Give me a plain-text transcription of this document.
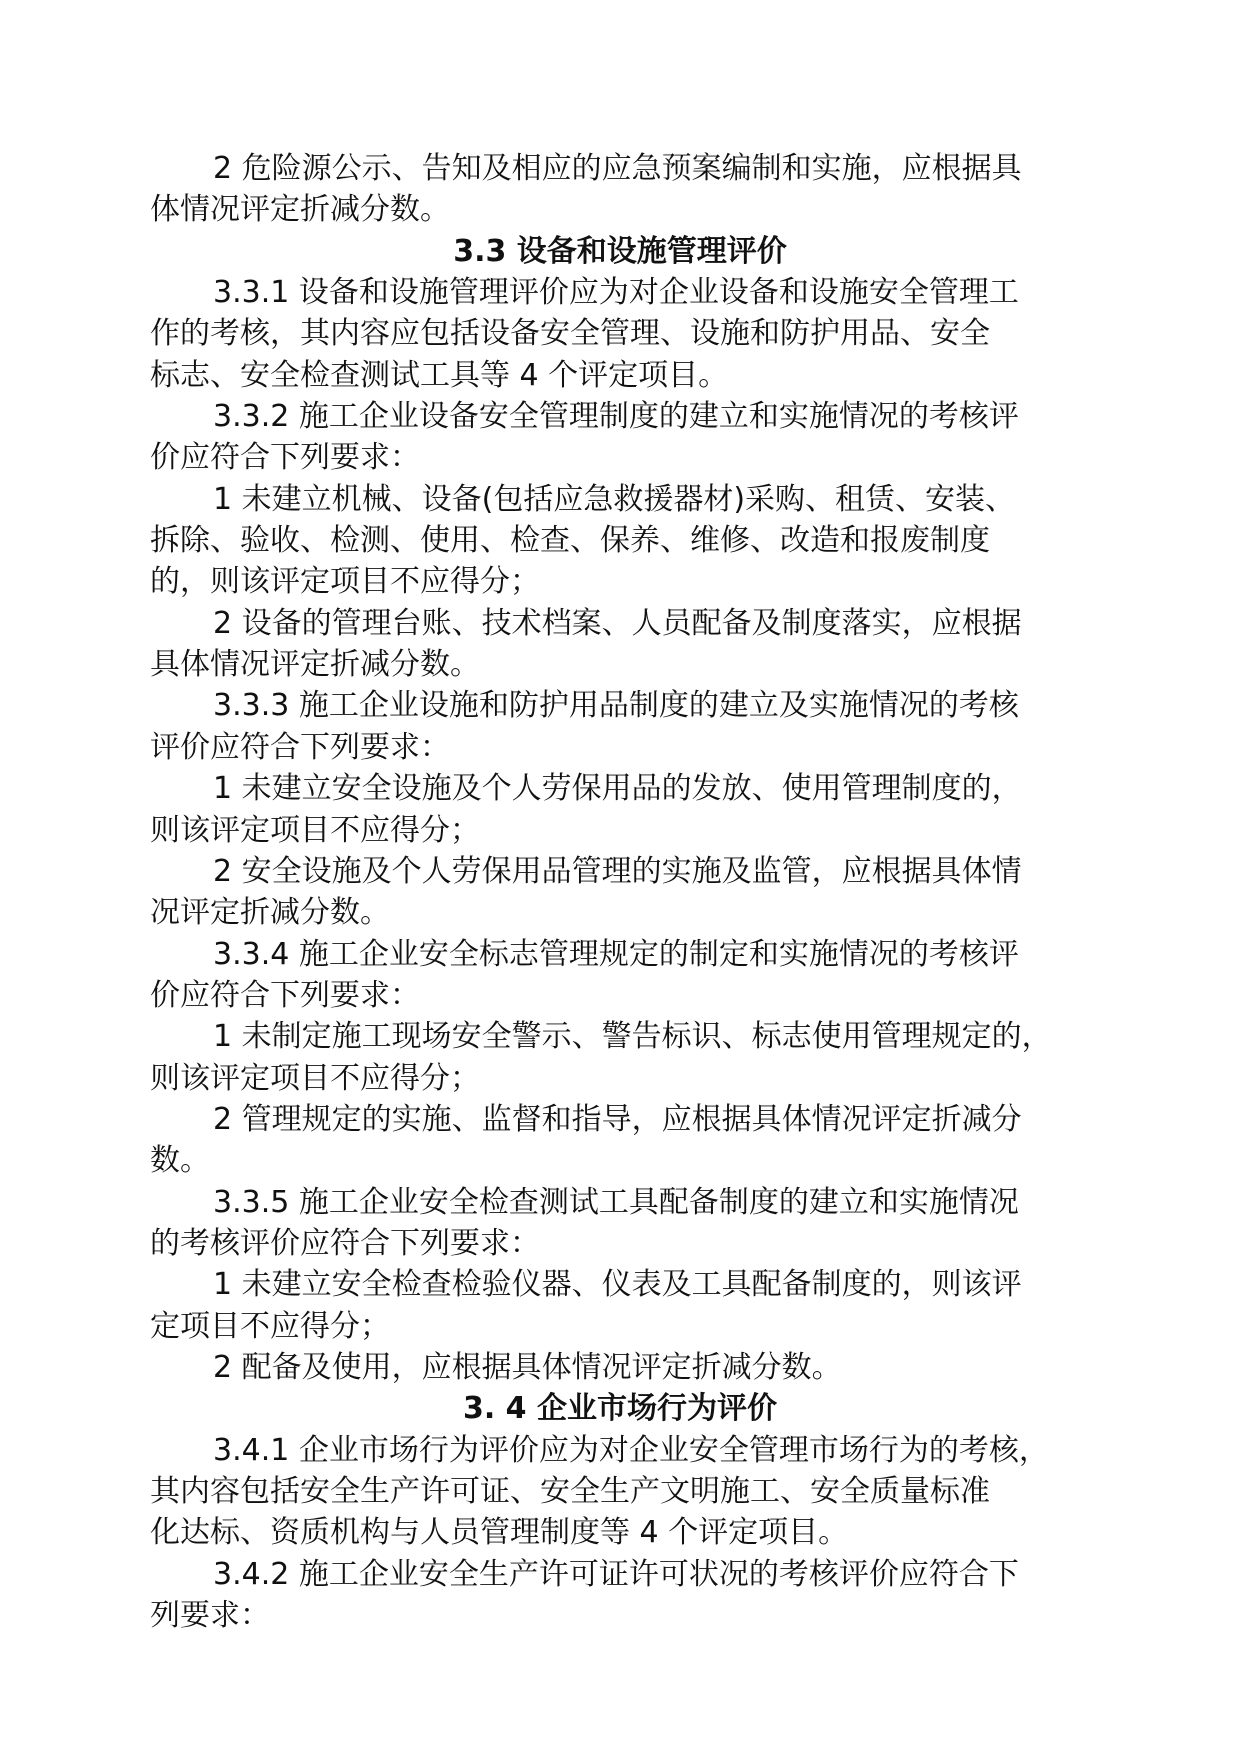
2 危险源公示、告知及相应的应急预案编制和实施，应根据具
体情况评定折减分数。
3.3 设备和设施管理评价
3.3.1 设备和设施管理评价应为对企业设备和设施安全管理工
作的考核，其内容应包括设备安全管理、设施和防护用品、安全
标志、安全检查测试工具等 4 个评定项目。
3.3.2 施工企业设备安全管理制度的建立和实施情况的考核评
价应符合下列要求：
1 未建立机械、设备(包括应急救援器材)采购、租赁、安装、
拆除、验收、检测、使用、检查、保养、维修、改造和报废制度
的，则该评定项目不应得分；
2 设备的管理台账、技术档案、人员配备及制度落实，应根据
具体情况评定折减分数。
3.3.3 施工企业设施和防护用品制度的建立及实施情况的考核
评价应符合下列要求：
1 未建立安全设施及个人劳保用品的发放、使用管理制度的，
则该评定项目不应得分；
2 安全设施及个人劳保用品管理的实施及监管，应根据具体情
况评定折减分数。
3.3.4 施工企业安全标志管理规定的制定和实施情况的考核评
价应符合下列要求：
1 未制定施工现场安全警示、警告标识、标志使用管理规定的，
则该评定项目不应得分；
2 管理规定的实施、监督和指导，应根据具体情况评定折减分
数。
3.3.5 施工企业安全检查测试工具配备制度的建立和实施情况
的考核评价应符合下列要求：
1 未建立安全检查检验仪器、仪表及工具配备制度的，则该评
定项目不应得分；
2 配备及使用，应根据具体情况评定折减分数。
3. 4 企业市场行为评价
3.4.1 企业市场行为评价应为对企业安全管理市场行为的考核，
其内容包括安全生产许可证、安全生产文明施工、安全质量标准
化达标、资质机构与人员管理制度等 4 个评定项目。
3.4.2 施工企业安全生产许可证许可状况的考核评价应符合下
列要求：
